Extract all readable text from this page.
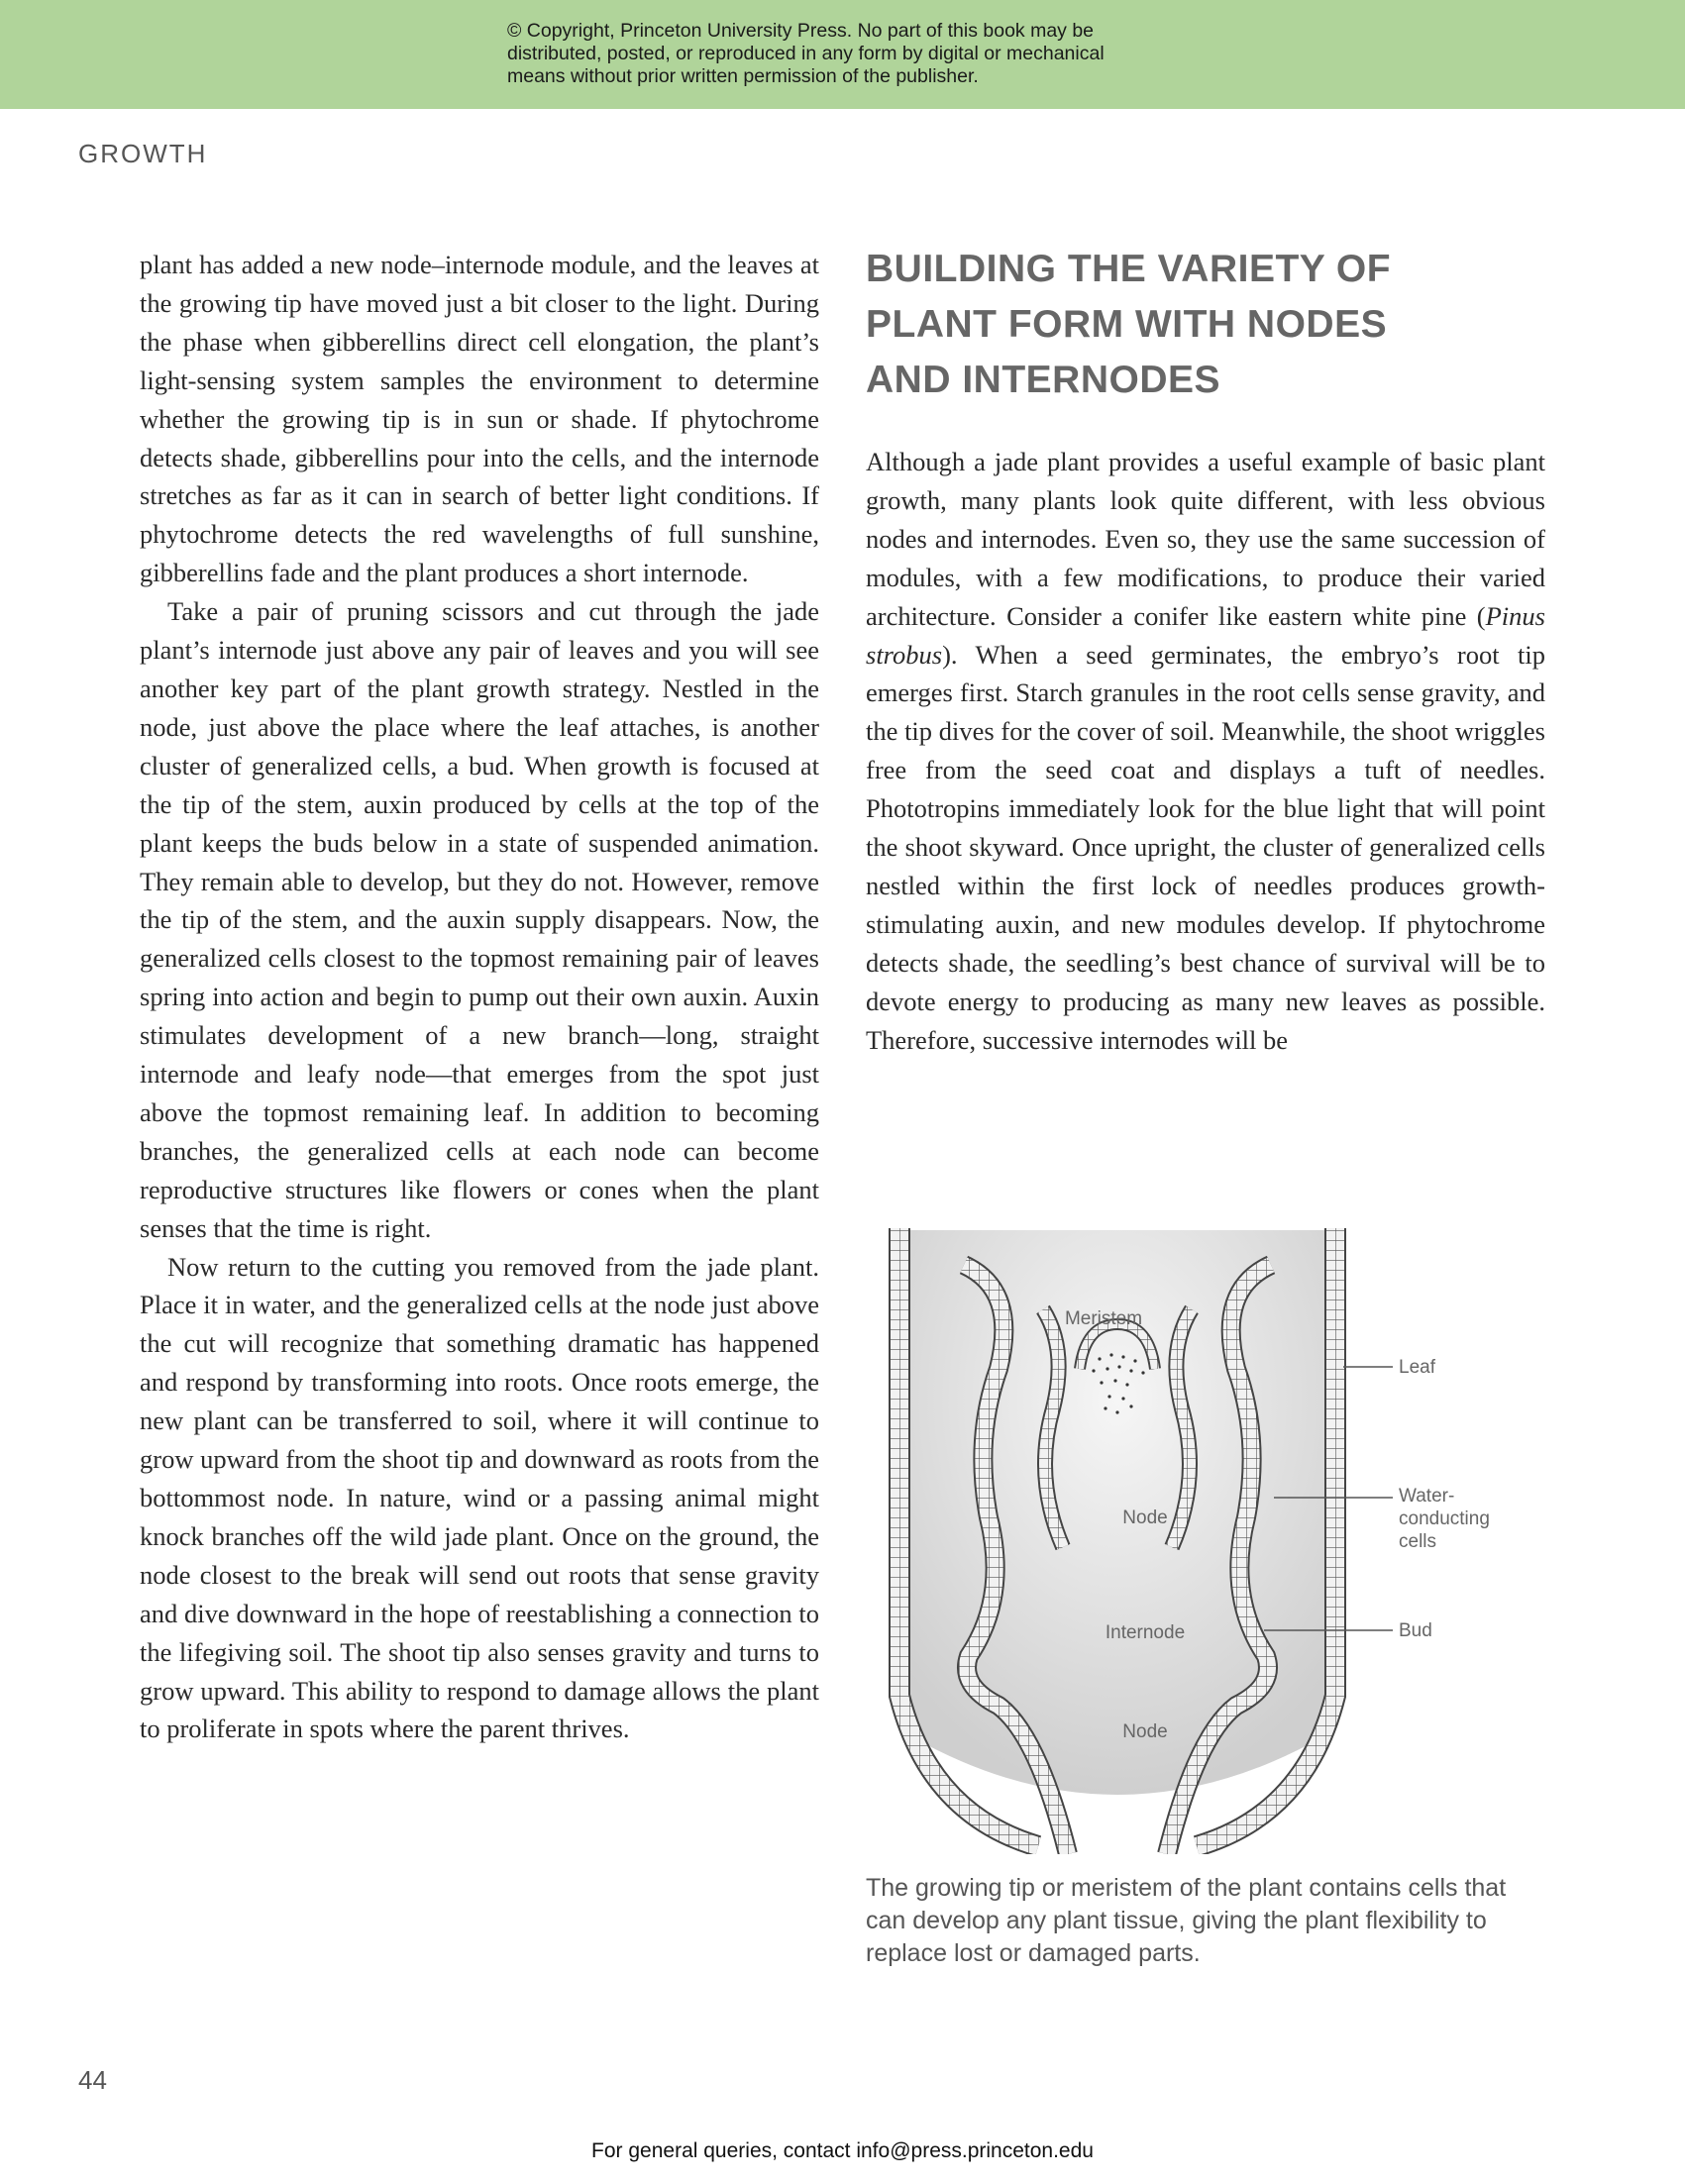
© Copyright, Princeton University Press. No part of this book may be
distributed, posted, or reproduced in any form by digital or mechanical
means without prior written permission of the publisher.
GROWTH

plant has added a new node–internode module, and the leaves at the growing tip have moved just a bit closer to the light. During the phase when gibberellins direct cell elongation, the plant’s light-sensing system samples the environment to determine whether the growing tip is in sun or shade. If phytochrome detects shade, gibberellins pour into the cells, and the internode stretches as far as it can in search of better light conditions. If phytochrome detects the red wavelengths of full sunshine, gibberellins fade and the plant produces a short internode.

Take a pair of pruning scissors and cut through the jade plant’s internode just above any pair of leaves and you will see another key part of the plant growth strategy. Nestled in the node, just above the place where the leaf attaches, is another cluster of generalized cells, a bud. When growth is focused at the tip of the stem, auxin produced by cells at the top of the plant keeps the buds below in a state of suspended animation. They remain able to develop, but they do not. However, remove the tip of the stem, and the auxin supply disappears. Now, the generalized cells closest to the topmost remaining pair of leaves spring into action and begin to pump out their own auxin. Auxin stimulates development of a new branch—long, straight internode and leafy node—that emerges from the spot just above the topmost remaining leaf. In addition to becoming branches, the generalized cells at each node can become reproductive structures like flowers or cones when the plant senses that the time is right.

Now return to the cutting you removed from the jade plant. Place it in water, and the generalized cells at the node just above the cut will recognize that something dramatic has happened and respond by transforming into roots. Once roots emerge, the new plant can be transferred to soil, where it will continue to grow upward from the shoot tip and downward as roots from the bottommost node. In nature, wind or a passing animal might knock branches off the wild jade plant. Once on the ground, the node closest to the break will send out roots that sense gravity and dive downward in the hope of reestablishing a connection to the lifegiving soil. The shoot tip also senses gravity and turns to grow upward. This ability to respond to damage allows the plant to proliferate in spots where the parent thrives.

BUILDING THE VARIETY OF
PLANT FORM WITH NODES
AND INTERNODES

Although a jade plant provides a useful example of basic plant growth, many plants look quite different, with less obvious nodes and internodes. Even so, they use the same succession of modules, with a few modifications, to produce their varied architecture. Consider a conifer like eastern white pine (Pinus strobus). When a seed germinates, the embryo’s root tip emerges first. Starch granules in the root cells sense gravity, and the tip dives for the cover of soil. Meanwhile, the shoot wriggles free from the seed coat and displays a tuft of needles. Phototropins immediately look for the blue light that will point the shoot skyward. Once upright, the cluster of generalized cells nestled within the first lock of needles produces growth-stimulating auxin, and new modules develop. If phytochrome detects shade, the seedling’s best chance of survival will be to devote energy to producing as many new leaves as possible. Therefore, successive internodes will be

Meristem
Leaf
Water-
conducting
cells
Node
Internode	Bud
Node
The growing tip or meristem of the plant contains cells that can develop any plant tissue, giving the plant flexibility to replace lost or damaged parts.
44
For general queries, contact info@press.princeton.edu
